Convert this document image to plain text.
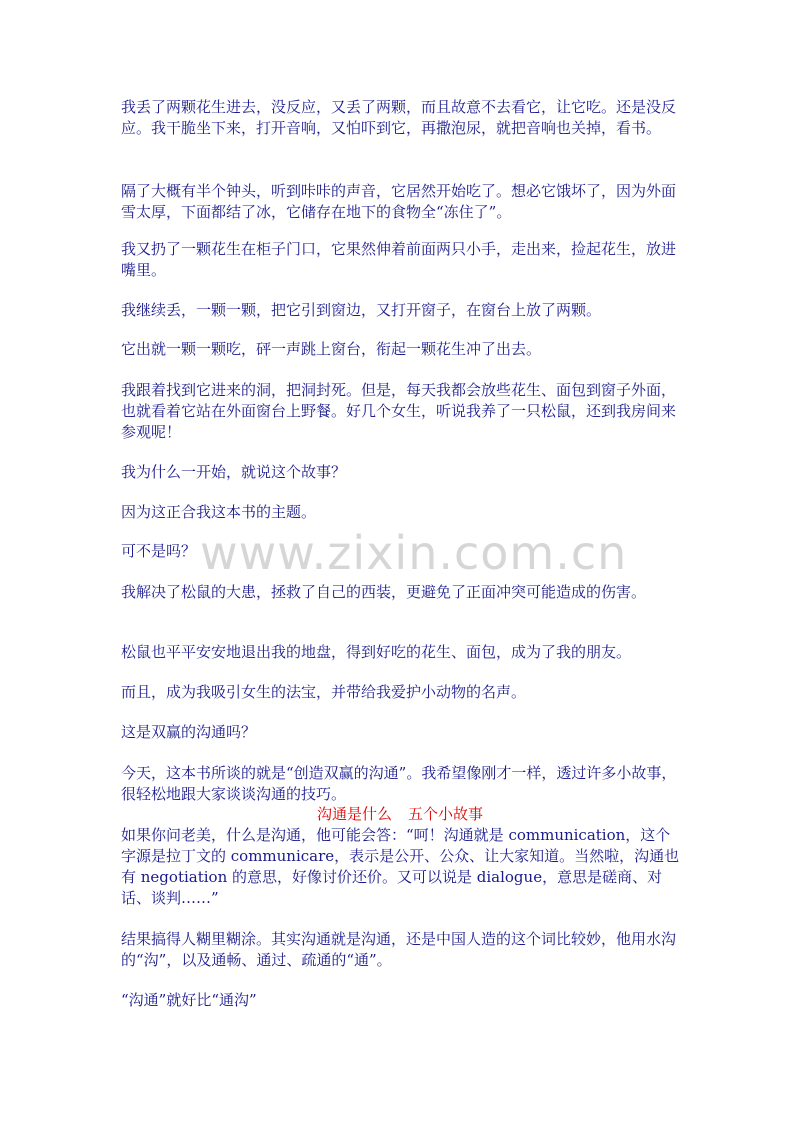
我丢了两颗花生进去，没反应，又丢了两颗，而且故意不去看它，让它吃。还是没反应。我干脆坐下来，打开音响，又怕吓到它，再撒泡尿，就把音响也关掉，看书。

隔了大概有半个钟头，听到咔咔的声音，它居然开始吃了。想必它饿坏了，因为外面雪太厚，下面都结了冰，它储存在地下的食物全“冻住了”。

我又扔了一颗花生在柜子门口，它果然伸着前面两只小手，走出来，捡起花生，放进嘴里。

我继续丢，一颗一颗，把它引到窗边，又打开窗子，在窗台上放了两颗。

它出就一颗一颗吃，砰一声跳上窗台，衔起一颗花生冲了出去。

我跟着找到它进来的洞，把洞封死。但是，每天我都会放些花生、面包到窗子外面，也就看着它站在外面窗台上野餐。好几个女生，听说我养了一只松鼠，还到我房间来参观呢！

我为什么一开始，就说这个故事？

因为这正合我这本书的主题。

可不是吗？

我解决了松鼠的大患，拯救了自己的西装，更避免了正面冲突可能造成的伤害。

松鼠也平平安安地退出我的地盘，得到好吃的花生、面包，成为了我的朋友。

而且，成为我吸引女生的法宝，并带给我爱护小动物的名声。

这是双赢的沟通吗？

今天，这本书所谈的就是“创造双赢的沟通”。我希望像刚才一样，透过许多小故事，很轻松地跟大家谈谈沟通的技巧。

沟通是什么 五个小故事

如果你问老美，什么是沟通，他可能会答：“呵！沟通就是 communication，这个字源是拉丁文的 communicare，表示是公开、公众、让大家知道。当然啦，沟通也有 negotiation 的意思，好像讨价还价。又可以说是 dialogue，意思是磋商、对话、谈判……”

结果搞得人糊里糊涂。其实沟通就是沟通，还是中国人造的这个词比较妙，他用水沟的“沟”，以及通畅、通过、疏通的“通”。

“沟通”就好比“通沟”

www.zixin.com.cn
